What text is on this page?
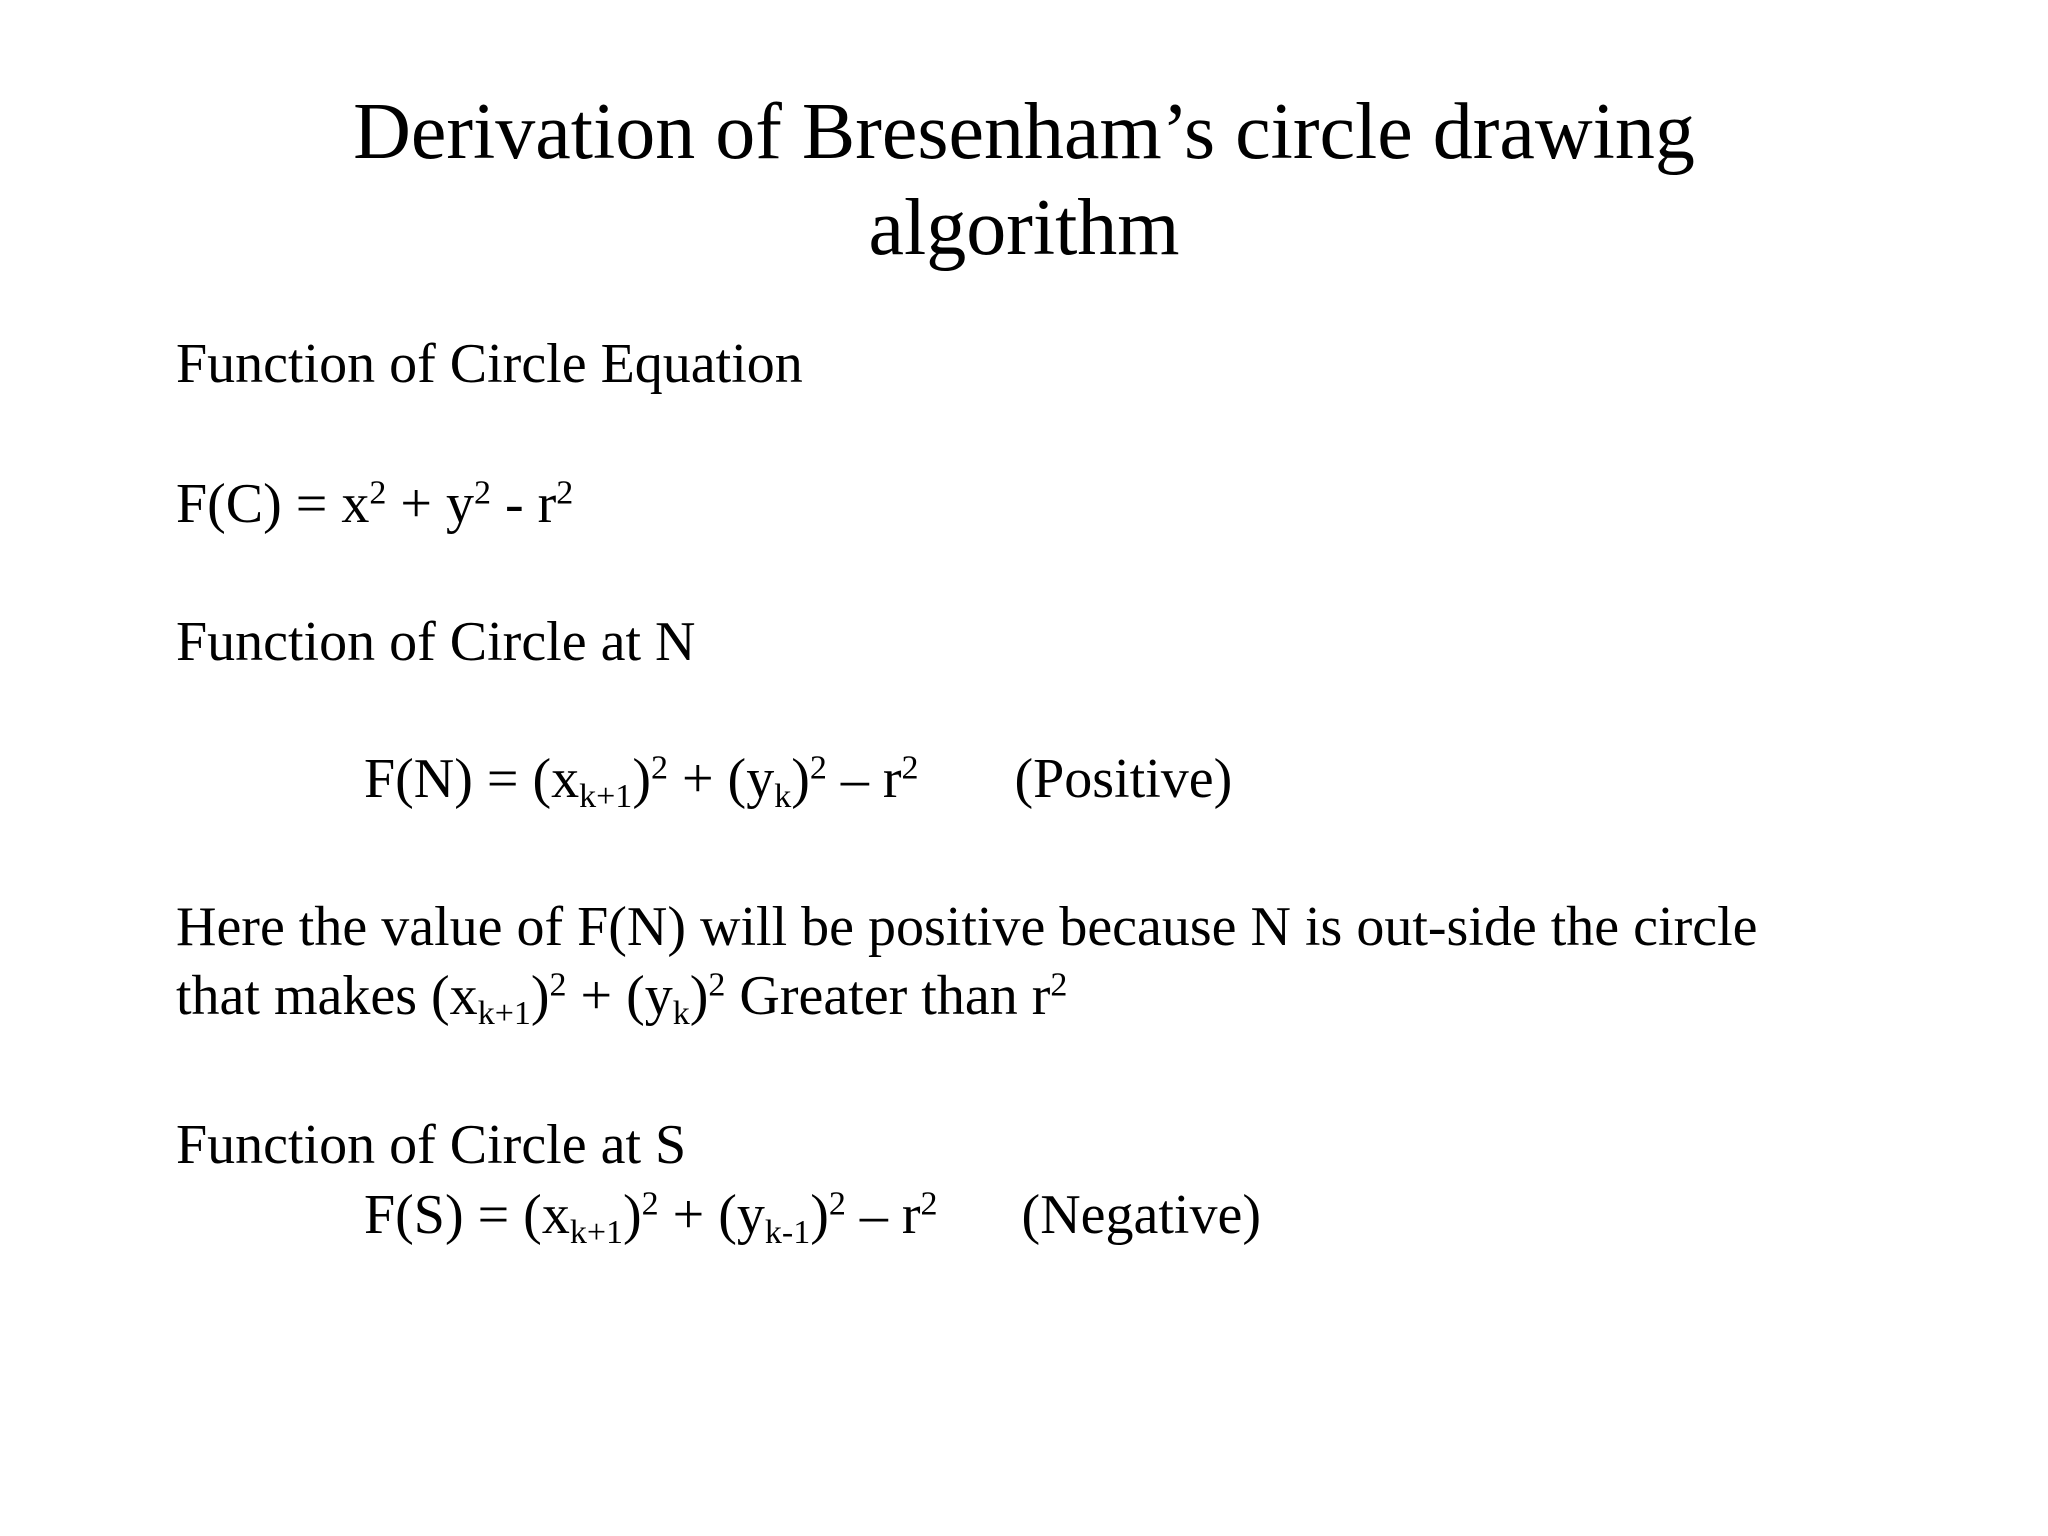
Derivation of Bresenham’s circle drawing
algorithm
Function of Circle Equation
$F(C) = x^2 + y^2 - r^2$
Function of Circle at N
$F(N) = (x_{k+1})^2 + (y_k)^2 - r^2$ (Positive)
Here the value of F(N) will be positive because N is out-side the circle
that makes $(x_{k+1})^2 + (y_k)^2$ Greater than $r^2$
Function of Circle at S
$F(S) = (x_{k+1})^2 + (y_{k-1})^2 - r^2$ (Negative)
